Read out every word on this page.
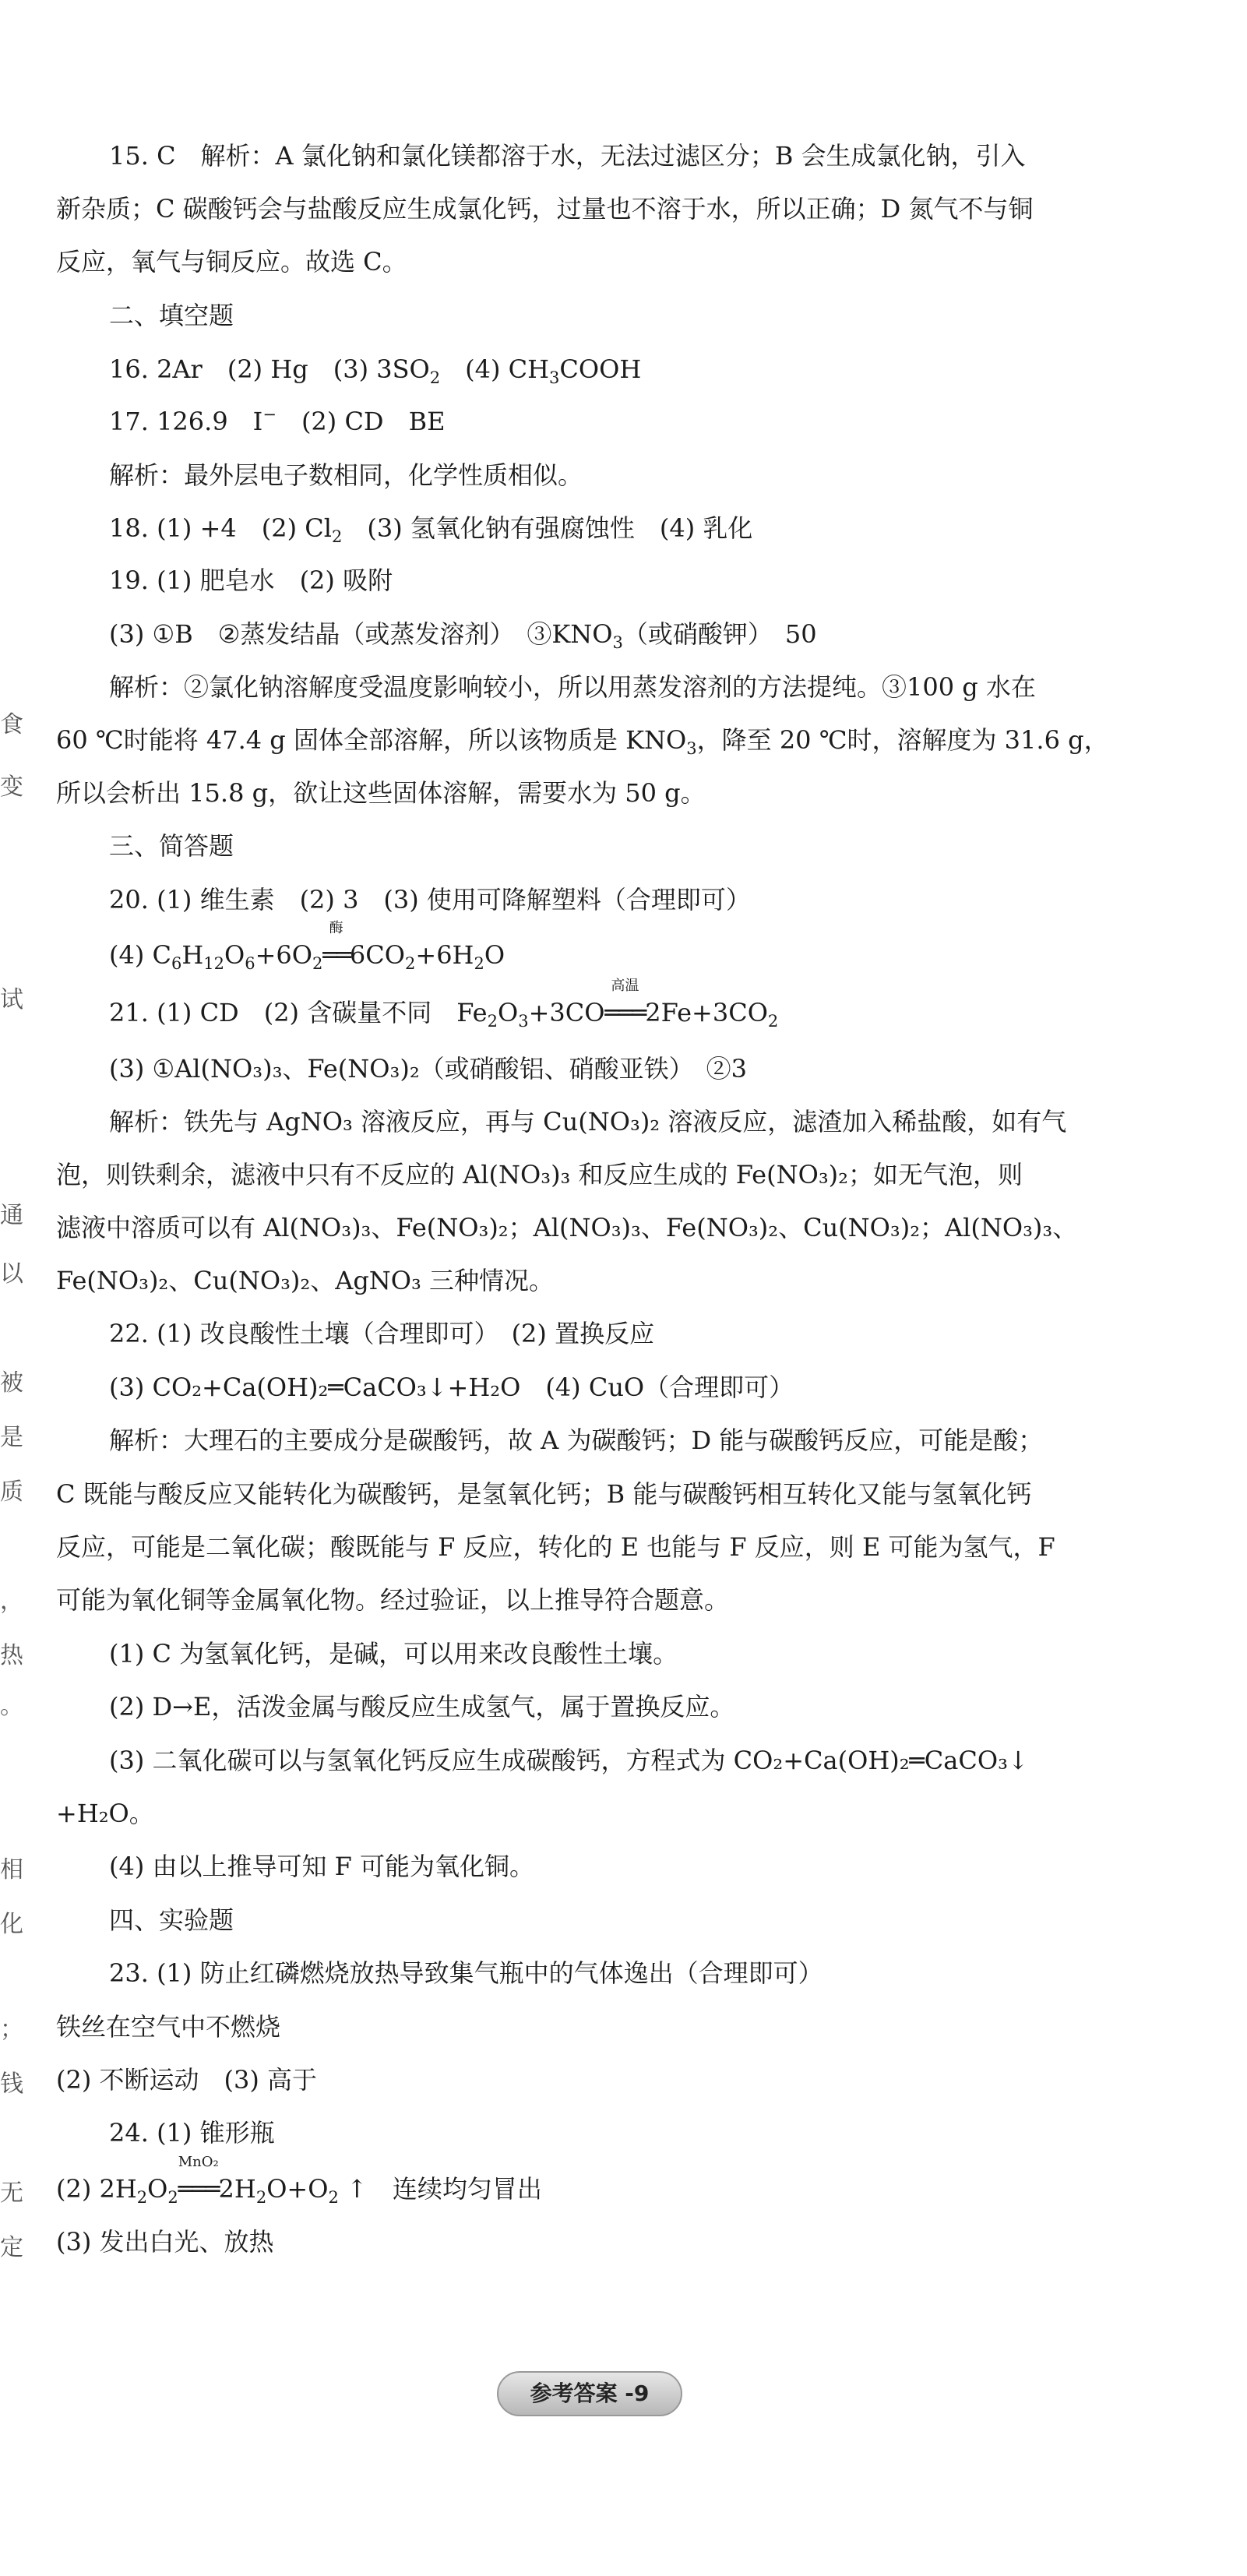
食
变
试
通
以
被
是
质
，
热
。
相
化
；
钱
无
定
15. C　解析：A 氯化钠和氯化镁都溶于水，无法过滤区分；B 会生成氯化钠，引入
新杂质；C 碳酸钙会与盐酸反应生成氯化钙，过量也不溶于水，所以正确；D 氮气不与铜
反应，氧气与铜反应。故选 C。
二、填空题
16. 2Ar　(2) Hg　(3) $3SO_2$　(4) $CH_3COOH$
17. 126.9　I−　(2) CD　BE
解析：最外层电子数相同，化学性质相似。
18. (1) +4　(2) $Cl_2$　(3) 氢氧化钠有强腐蚀性　(4) 乳化
19. (1) 肥皂水　(2) 吸附
(3) ①B　②蒸发结晶（或蒸发溶剂）　$③KNO_3$（或硝酸钾）　50
解析：②氯化钠溶解度受温度影响较小，所以用蒸发溶剂的方法提纯。③100 g 水在
60 ℃时能将 47.4 g 固体全部溶解，所以该物质是 $KNO_3$，降至 20 ℃时，溶解度为 31.6 g，
所以会析出 15.8 g，欲让这些固体溶解，需要水为 50 g。
三、简答题
20. (1) 维生素　(2) 3　(3) 使用可降解塑料（合理即可）
(4) $C_6H_{12}O_6+6O_2$
酶
$══6CO_2+6H_2O$
21. (1) CD　(2) 含碳量不同　$Fe_2O_3+3CO$
高温
$═══2Fe+3CO_2$
(3) ①Al(NO₃)₃、Fe(NO₃)₂（或硝酸铝、硝酸亚铁）　②3
解析：铁先与 AgNO₃ 溶液反应，再与 Cu(NO₃)₂ 溶液反应，滤渣加入稀盐酸，如有气
泡，则铁剩余，滤液中只有不反应的 Al(NO₃)₃ 和反应生成的 Fe(NO₃)₂；如无气泡，则
滤液中溶质可以有 Al(NO₃)₃、Fe(NO₃)₂；Al(NO₃)₃、Fe(NO₃)₂、Cu(NO₃)₂；Al(NO₃)₃、
Fe(NO₃)₂、Cu(NO₃)₂、AgNO₃ 三种情况。
22. (1) 改良酸性土壤（合理即可）　(2) 置换反应
(3) CO₂+Ca(OH)₂═CaCO₃↓+H₂O　(4) CuO（合理即可）
解析：大理石的主要成分是碳酸钙，故 A 为碳酸钙；D 能与碳酸钙反应，可能是酸；
C 既能与酸反应又能转化为碳酸钙，是氢氧化钙；B 能与碳酸钙相互转化又能与氢氧化钙
反应，可能是二氧化碳；酸既能与 F 反应，转化的 E 也能与 F 反应，则 E 可能为氢气，F
可能为氧化铜等金属氧化物。经过验证，以上推导符合题意。
(1) C 为氢氧化钙，是碱，可以用来改良酸性土壤。
(2) D→E，活泼金属与酸反应生成氢气，属于置换反应。
(3) 二氧化碳可以与氢氧化钙反应生成碳酸钙，方程式为 CO₂+Ca(OH)₂═CaCO₃↓
+H₂O。
(4) 由以上推导可知 F 可能为氧化铜。
四、实验题
23. (1) 防止红磷燃烧放热导致集气瓶中的气体逸出（合理即可）
铁丝在空气中不燃烧
(2) 不断运动　(3) 高于
24. (1) 锥形瓶
(2) $2H_2O_2$
MnO₂
$═══2H_2O+O_2$ ↑　连续均匀冒出
(3) 发出白光、放热
参考答案 -9
